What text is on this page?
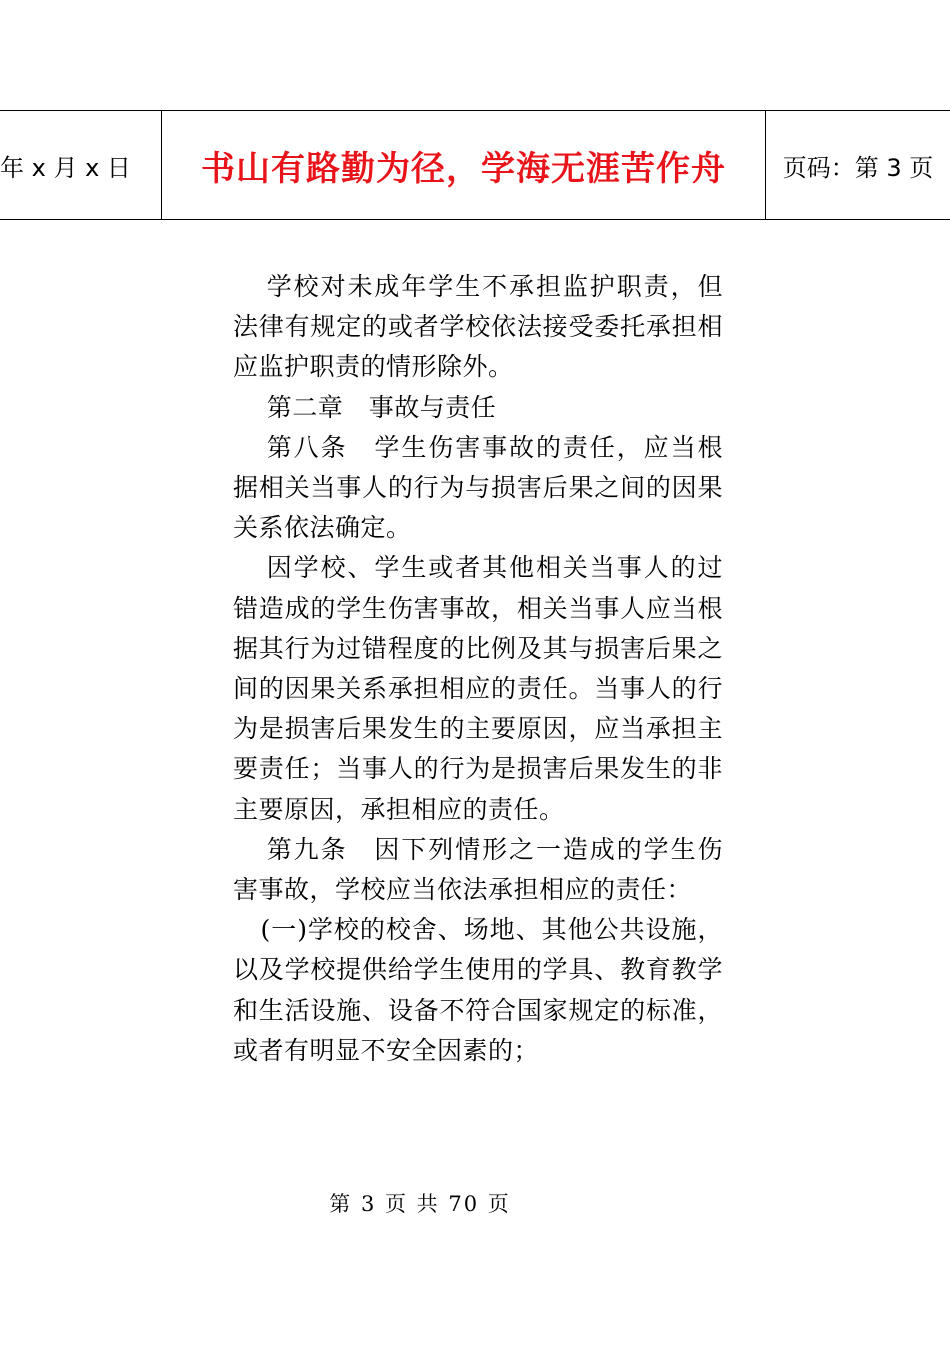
年 x 月 x 日	书山有路勤为径，学海无涯苦作舟	页码：第 3 页

学校对未成年学生不承担监护职责，但法律有规定的或者学校依法接受委托承担相应监护职责的情形除外。

第二章　事故与责任

第八条　学生伤害事故的责任，应当根据相关当事人的行为与损害后果之间的因果关系依法确定。

因学校、学生或者其他相关当事人的过错造成的学生伤害事故，相关当事人应当根据其行为过错程度的比例及其与损害后果之间的因果关系承担相应的责任。当事人的行为是损害后果发生的主要原因，应当承担主要责任；当事人的行为是损害后果发生的非主要原因，承担相应的责任。

第九条　因下列情形之一造成的学生伤害事故，学校应当依法承担相应的责任：

(一)学校的校舍、场地、其他公共设施，以及学校提供给学生使用的学具、教育教学和生活设施、设备不符合国家规定的标准，或者有明显不安全因素的；

第 3 页 共 70 页
